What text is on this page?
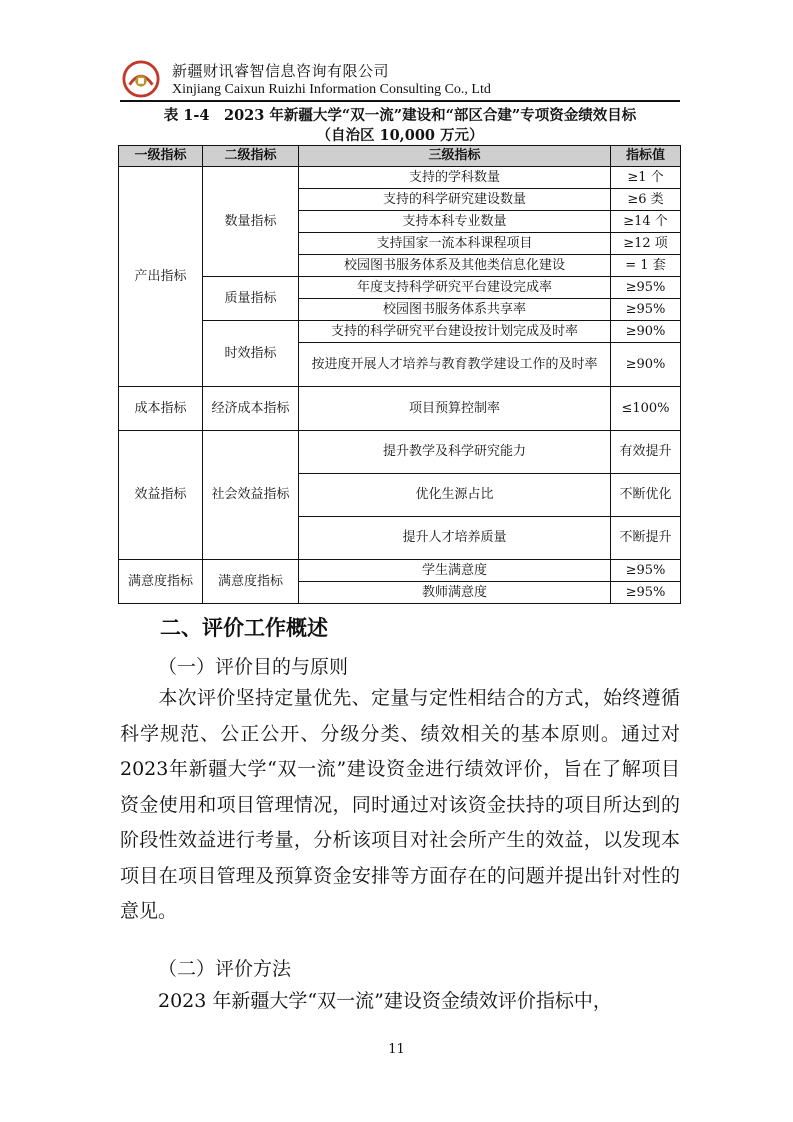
新疆财讯睿智信息咨询有限公司
Xinjiang Caixun Ruizhi Information Consulting Co., Ltd
表 1-4　2023 年新疆大学“双一流”建设和“部区合建”专项资金绩效目标
（自治区 10,000 万元）
一级指标	二级指标	三级指标	指标值
产出指标	数量指标	支持的学科数量	≥1 个
		支持的科学研究建设数量	≥6 类
		支持本科专业数量	≥14 个
		支持国家一流本科课程项目	≥12 项
		校园图书服务体系及其他类信息化建设	= 1 套
	质量指标	年度支持科学研究平台建设完成率	≥95%
		校园图书服务体系共享率	≥95%
	时效指标	支持的科学研究平台建设按计划完成及时率	≥90%
		按进度开展人才培养与教育教学建设工作的及时率	≥90%
成本指标	经济成本指标	项目预算控制率	≤100%
效益指标	社会效益指标	提升教学及科学研究能力	有效提升
		优化生源占比	不断优化
		提升人才培养质量	不断提升
满意度指标	满意度指标	学生满意度	≥95%
		教师满意度	≥95%
二、评价工作概述
（一）评价目的与原则
本次评价坚持定量优先、定量与定性相结合的方式，始终遵循科学规范、公正公开、分级分类、绩效相关的基本原则。通过对2023年新疆大学“双一流”建设资金进行绩效评价，旨在了解项目资金使用和项目管理情况，同时通过对该资金扶持的项目所达到的阶段性效益进行考量，分析该项目对社会所产生的效益，以发现本项目在项目管理及预算资金安排等方面存在的问题并提出针对性的意见。
（二）评价方法
2023 年新疆大学“双一流”建设资金绩效评价指标中，
11
